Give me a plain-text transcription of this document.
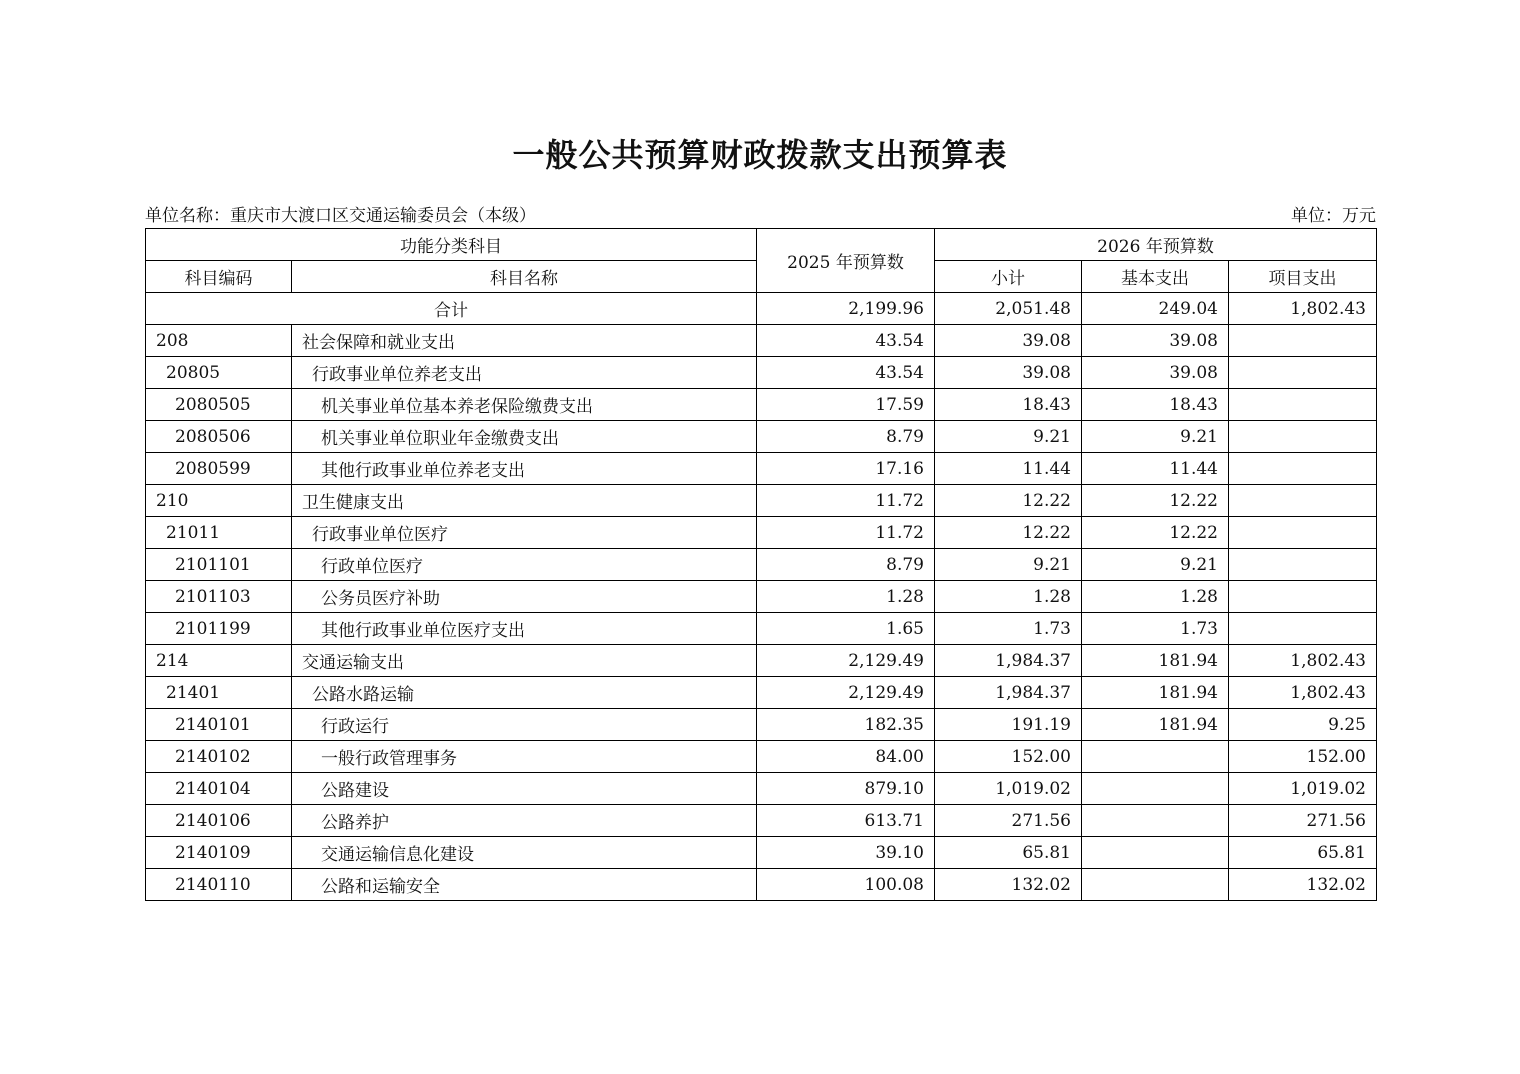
一般公共预算财政拨款支出预算表
单位名称：重庆市大渡口区交通运输委员会（本级）	单位：万元
功能分类科目		2025 年预算数	2026 年预算数		
科目编码	科目名称		小计	基本支出	项目支出
合计		2,199.96	2,051.48	249.04	1,802.43
208	社会保障和就业支出	43.54	39.08	39.08	
20805	行政事业单位养老支出	43.54	39.08	39.08	
2080505	机关事业单位基本养老保险缴费支出	17.59	18.43	18.43	
2080506	机关事业单位职业年金缴费支出	8.79	9.21	9.21	
2080599	其他行政事业单位养老支出	17.16	11.44	11.44	
210	卫生健康支出	11.72	12.22	12.22	
21011	行政事业单位医疗	11.72	12.22	12.22	
2101101	行政单位医疗	8.79	9.21	9.21	
2101103	公务员医疗补助	1.28	1.28	1.28	
2101199	其他行政事业单位医疗支出	1.65	1.73	1.73	
214	交通运输支出	2,129.49	1,984.37	181.94	1,802.43
21401	公路水路运输	2,129.49	1,984.37	181.94	1,802.43
2140101	行政运行	182.35	191.19	181.94	9.25
2140102	一般行政管理事务	84.00	152.00		152.00
2140104	公路建设	879.10	1,019.02		1,019.02
2140106	公路养护	613.71	271.56		271.56
2140109	交通运输信息化建设	39.10	65.81		65.81
2140110	公路和运输安全	100.08	132.02		132.02
